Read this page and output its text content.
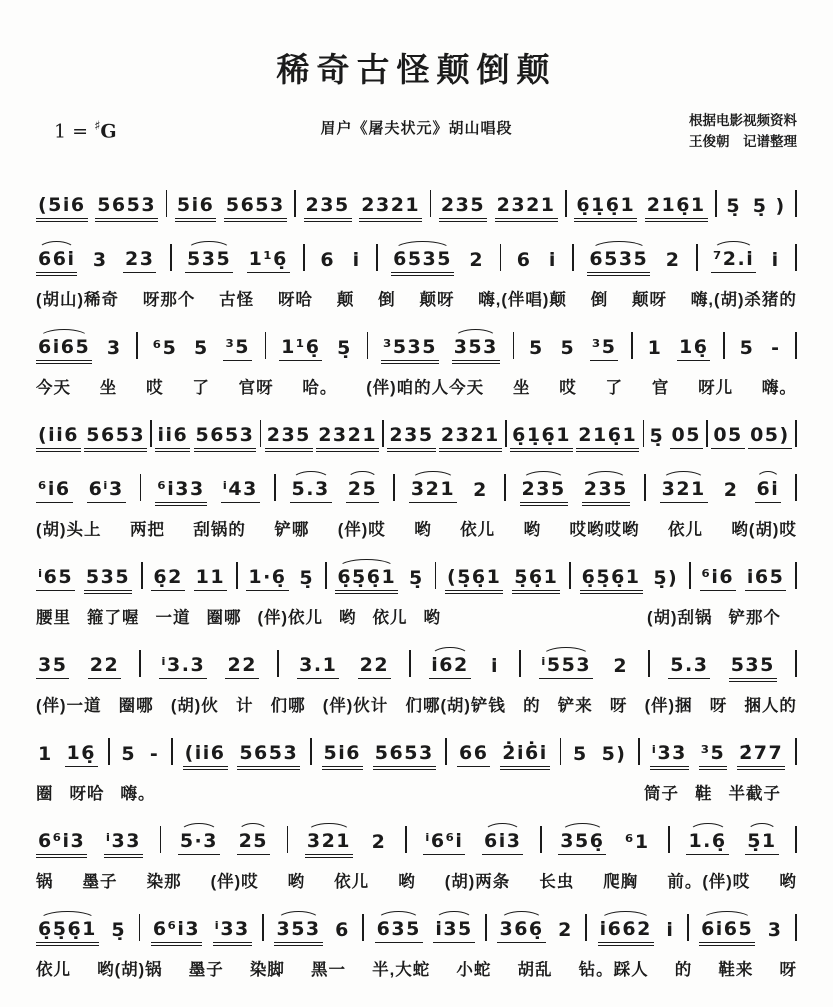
稀奇古怪颠倒颠
1 = ♯G	眉户《屠夫状元》胡山唱段	根据电影视频资料
王俊朝　记谱整理
(5i6 5653 5i6 5653 235 2321 235 2321 6̣1̣6̣1 216̣1 5̣ 5̣ )
66i 3 23 535 1¹6̣ 6 i 6535 2 6 i 6535 2 ⁷2.i i
(胡山)稀奇 呀那个 古怪 呀哈 颠 倒 颠呀 嗨,(伴唱)颠 倒 颠呀 嗨,(胡)杀猪的
6i65 3 ⁶5 5 ³5 1¹6̣ 5̣ ³535 353 5 5 ³5 1 16̣ 5 -
今天 坐 哎 了 官呀 哈。 (伴)咱的人今天 坐 哎 了 官 呀儿 嗨。
(ii6 5653 ii6 5653 235 2321 235 2321 6̣1̣6̣1 216̣1 5̣ 05 05 05)
⁶i6 6ⁱ3 ⁶i33 ⁱ43 5.3 25 321 2 235 235 321 2 6i
(胡)头上 两把 刮锅的 铲哪 (伴)哎 哟 依儿 哟 哎哟哎哟 依儿 哟(胡)哎
ⁱ65 535 6̣2 11 1·6̣ 5̣ 6̣5̣6̣1 5̣ (5̣6̣1 5̣6̣1 6̣5̣6̣1 5̣) ⁶i6 i65
腰里 箍了喔 一道 圈哪 (伴)依儿 哟 依儿 哟	(胡)刮锅 铲那个
35 22 ⁱ3.3 22 3.1 22 i62 i ⁱ553 2 5.3 535
(伴)一道 圈哪 (胡)伙 计 们哪 (伴)伙计 们哪(胡)铲钱 的 铲来 呀 (伴)捆 呀 捆人的
1 16̣ 5 - (ii6 5653 5i6 5653 66 2̇i6̇i 5 5) ⁱ33 ³5 2̇77
圈 呀哈 嗨。	筒子 鞋 半截子
6⁶i3 ⁱ33 5·3 25 321 2 ⁱ6⁶i 6i3 356̣ ⁶1 1.6̣ 5̣1
锅 墨子 染那 (伴)哎 哟 依儿 哟 (胡)两条 长虫 爬胸 前。(伴)哎 哟
6̣5̣6̣1 5̣ 6⁶i3 ⁱ33 353 6 635 i35 366̣ 2 i662 i 6i65 3
依儿 哟(胡)锅 墨子 染脚 黑一 半,大蛇 小蛇 胡乱 钻。踩人 的 鞋来 呀
